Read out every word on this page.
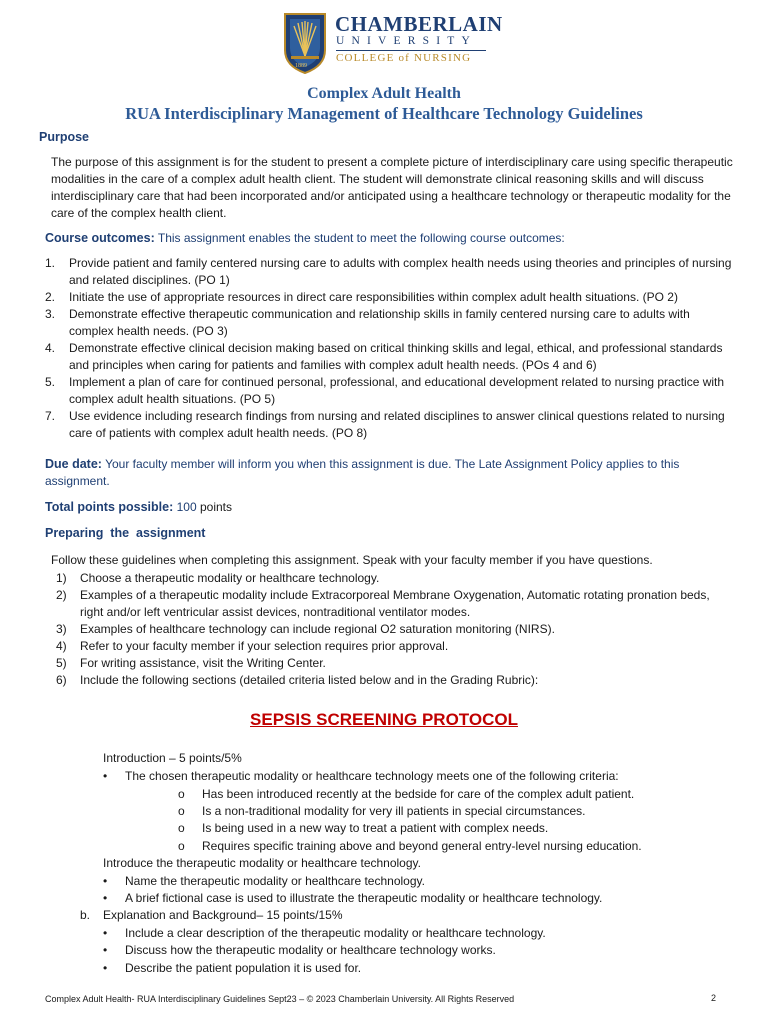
1889
CHAMBERLAIN
UNIVERSITY
COLLEGE of NURSING
Complex Adult Health
RUA Interdisciplinary Management of Healthcare Technology Guidelines
Purpose
The purpose of this assignment is for the student to present a complete picture of interdisciplinary care using specific therapeutic modalities in the care of a complex adult health client. The student will demonstrate clinical reasoning skills and will discuss interdisciplinary care that had been incorporated and/or anticipated using a healthcare technology or therapeutic modality for the care of the complex health client.
Course outcomes: This assignment enables the student to meet the following course outcomes:
1. Provide patient and family centered nursing care to adults with complex health needs using theories and principles of nursing and related disciplines. (PO 1)
2. Initiate the use of appropriate resources in direct care responsibilities within complex adult health situations. (PO 2)
3. Demonstrate effective therapeutic communication and relationship skills in family centered nursing care to adults with complex health needs. (PO 3)
4. Demonstrate effective clinical decision making based on critical thinking skills and legal, ethical, and professional standards and principles when caring for patients and families with complex adult health needs. (POs 4 and 6)
5. Implement a plan of care for continued personal, professional, and educational development related to nursing practice with complex adult health situations. (PO 5)
7. Use evidence including research findings from nursing and related disciplines to answer clinical questions related to nursing care of patients with complex adult health needs. (PO 8)
Due date: Your faculty member will inform you when this assignment is due. The Late Assignment Policy applies to this assignment.
Total points possible: 100 points
Preparing  the  assignment
Follow these guidelines when completing this assignment. Speak with your faculty member if you have questions.
1) Choose a therapeutic modality or healthcare technology.
2) Examples of a therapeutic modality include Extracorporeal Membrane Oxygenation, Automatic rotating pronation beds, right and/or left ventricular assist devices, nontraditional ventilator modes.
3) Examples of healthcare technology can include regional O2 saturation monitoring (NIRS).
4) Refer to your faculty member if your selection requires prior approval.
5) For writing assistance, visit the Writing Center.
6) Include the following sections (detailed criteria listed below and in the Grading Rubric):
SEPSIS SCREENING PROTOCOL
Introduction – 5 points/5%
• The chosen therapeutic modality or healthcare technology meets one of the following criteria:
o Has been introduced recently at the bedside for care of the complex adult patient.
o Is a non-traditional modality for very ill patients in special circumstances.
o Is being used in a new way to treat a patient with complex needs.
o Requires specific training above and beyond general entry-level nursing education.
Introduce the therapeutic modality or healthcare technology.
• Name the therapeutic modality or healthcare technology.
• A brief fictional case is used to illustrate the therapeutic modality or healthcare technology.
b. Explanation and Background– 15 points/15%
• Include a clear description of the therapeutic modality or healthcare technology.
• Discuss how the therapeutic modality or healthcare technology works.
• Describe the patient population it is used for.
Complex Adult Health- RUA Interdisciplinary Guidelines Sept23 – © 2023 Chamberlain University. All Rights Reserved	2
